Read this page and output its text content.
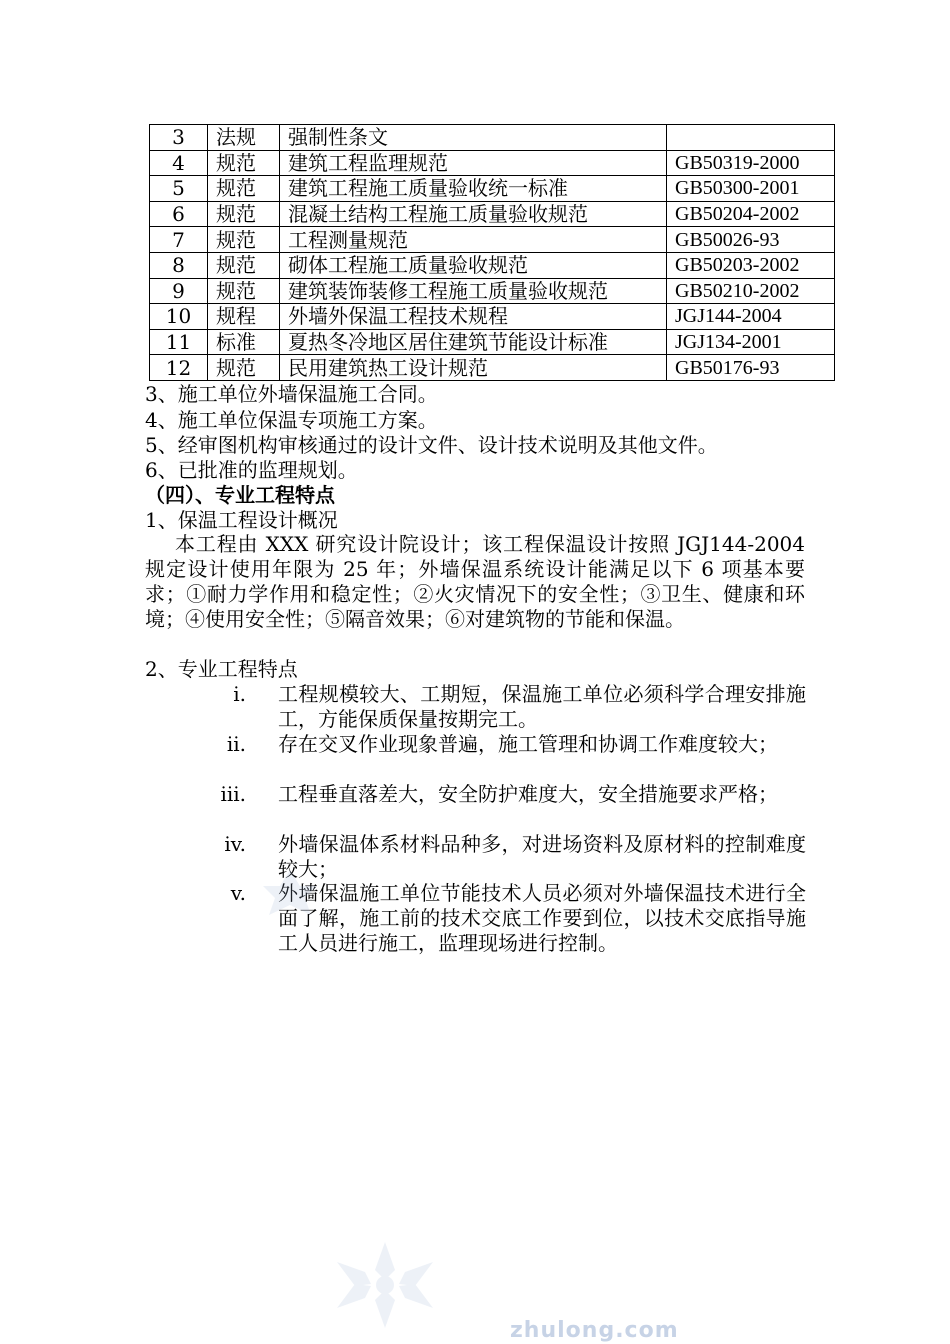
3	法规	强制性条文	
4	规范	建筑工程监理规范	GB50319-2000
5	规范	建筑工程施工质量验收统一标准	GB50300-2001
6	规范	混凝土结构工程施工质量验收规范	GB50204-2002
7	规范	工程测量规范	GB50026-93
8	规范	砌体工程施工质量验收规范	GB50203-2002
9	规范	建筑装饰装修工程施工质量验收规范	GB50210-2002
10	规程	外墙外保温工程技术规程	JGJ144-2004
11	标准	夏热冬冷地区居住建筑节能设计标准	JGJ134-2001
12	规范	民用建筑热工设计规范	GB50176-93
3、施工单位外墙保温施工合同。
4、施工单位保温专项施工方案。
5、经审图机构审核通过的设计文件、设计技术说明及其他文件。
6、已批准的监理规划。
（四）、专业工程特点
1、保温工程设计概况
本工程由 XXX 研究设计院设计；该工程保温设计按照 JGJ144-2004 规定设计使用年限为 25 年；外墙保温系统设计能满足以下 6 项基本要求；①耐力学作用和稳定性；②火灾情况下的安全性；③卫生、健康和环境；④使用安全性；⑤隔音效果；⑥对建筑物的节能和保温。
2、专业工程特点
i. 工程规模较大、工期短，保温施工单位必须科学合理安排施工，方能保质保量按期完工。
ii. 存在交叉作业现象普遍，施工管理和协调工作难度较大；
iii. 工程垂直落差大，安全防护难度大，安全措施要求严格；
iv. 外墙保温体系材料品种多，对进场资料及原材料的控制难度较大；
v. 外墙保温施工单位节能技术人员必须对外墙保温技术进行全面了解，施工前的技术交底工作要到位，以技术交底指导施工人员进行施工，监理现场进行控制。
zhulong.com
